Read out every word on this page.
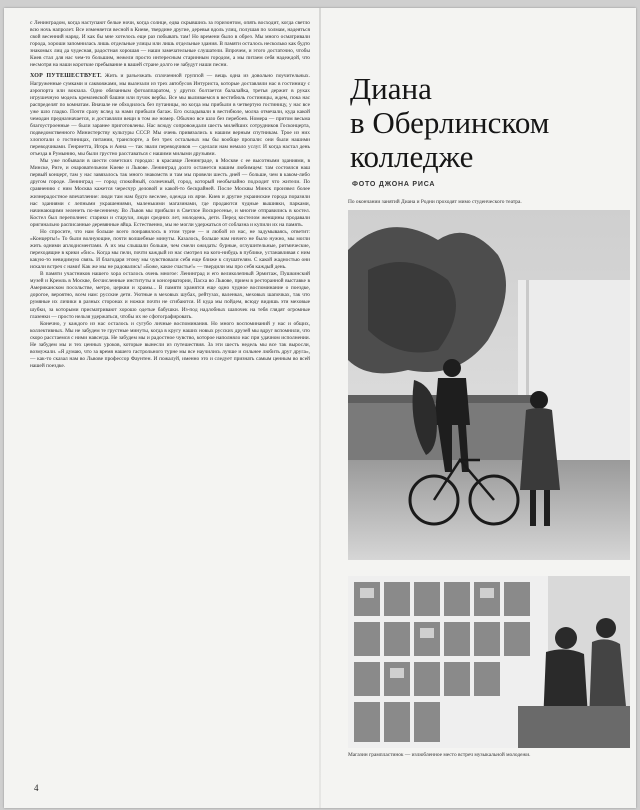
с Ленинградом, когда наступают белые ночи, когда солнце, едва скрывшись за горизонтом, опять восходит, когда светло всю ночь напролет. Все изменяется весной в Киеве, твердине другие, деревья вдоль улиц, полушая по холмам, надеяться свой весенний наряд. И как бы мне хотелось еще раз побывать там! Но времени было в обрез. Мы много осматривали города, хороши запомнилась лишь отдельные улицы или лишь отдельные здания. В памяти осталось несколько как будто знакомых лиц да чудесная, радостная хорошая — наши замечательные слушатели. Впрочем, и этого достаточно, чтобы Киев стал для нас чем-то большим, нежели просто интересным старинным городом, а мы питаем себя надеждой, что несмотря на наши короткие пребывание в вашей стране долго не забудут наши песни.

ХОР ПУТЕШЕСТВУЕТ. Жить и разъезжать сплоченной группой — вещь одна из довольно поучительных. Нагруженные сумками и саквояжами, мы вылезали из трех автобусов Интуриста, которые доставляли нас в гостиницу с аэропорта или вокзала. Одно обязанным фотоаппаратом, у других болтается балалайка, третья держит в руках игрушечную модель кремлевской башни или пучок вербы. Все мы выливаемся в вестибюль гостиницы, ждем, пока нас распределят по комнатам. Вначале не обходилось без путаницы, но когда мы прибыли в четвертую гостиницу, у нас все уже шло гладко. Почти сразу вслед за нами прибыли багаж. Его складывали в вестибюле, молча отмечали, куда какой чемодан предназначается, и доставляли вещи в том же номер. Обычно все шло без перебоев. Номера — притом весьма благоустроенные — были заранее приготовлены. Нас всюду сопровождали шесть милейших сотрудников Госконцерта, подведомственного Министерству культуры СССР. Мы очень привязались к нашим верным спутникам. Трое из них хлопотали о гостиницах, питании, транспорте, а без трех остальных мы бы вообще пропали: они были нашими переводчиками. Генриетта, Игорь и Анна — так звали переводчиков — сделали нам немало услуг. И когда настал день отъезда в Румынию, мы были грустно расставаться с нашими милыми друзьями.

Мы уже побывали в шести советских городах: в красавце Ленинграде, в Москве с ее высотными зданиями, в Минске, Риге, и очаровательном Киеве и Львове. Ленинград долго останется нашим любимцем: там состоялся наш первый концерт, там у нас завязалось так много знакомств и там мы провели шесть дней — больше, чем в каком-либо другом городе. Ленинград — город спокойный, солнечный, город, который необычайно подходит что жители. По сравнению с ним Москва кажется чересчур деловой и какой-то бескрайней. После Москвы Минск произвел более жизнерадостное впечатление: люди там нам будто веселее, одежда их ярче. Киев и другие украинские города поразили нас зданиями с лепными украшениями, маленькими магазинами, где продаются чудные вышивки, парками, начинающими зеленеть по-весеннему. Во Львов мы прибыли в Светлое Воскресенье, и многие отправились в костел. Костел был переполнен: старики и старухи, люди средних лет, молодежь, дети. Перед костелом женщины продавали оригинально расписанные деревянные яйца. Естественно, мы не могли удержаться от соблазна и купили их на память.

Но спросите, что нам больше всего понравилось в этом турне — и любой из нас, не задумываясь, ответит: «Концерты!» То были волнующие, почти волшебные минуты. Казалось, больше нам ничего не было нужно, мы могли жить одними аплодисментами. А их мы слышали больше, чем смели ожидать: бурные, оглушительные, ритмические, переходящие в крики «бис». Когда мы пели, почти каждый из нас смотрел на кого-нибудь в публике, устанавливая с ним какую-то невидимую связь. И благодаря этому мы чувствовали себя еще ближе к слушателям. С какой жадностью они искали встреч с нами! Как же мы не радовались! «Боже, какое счастье!» — твердили мы про себя каждый день.

В памяти участников нашего хора осталось очень многое: Ленинград и его великолепный Эрмитаж, Пушкинский музей и Кремль в Москве, бесчисленные институты и консерватории, Пасха во Львове, прием в ресторанной выставке в Американском посольстве, метро, церкви и храмы... В памяти хранятся еще одно чудное воспоминание о поездке, дорогое, вероятно, всем нам: русские дети. Уютные в меховых шубах, рейтузах, валенках, меховых шапочках, так что румяные их личики в разных сторонах и ножки почти не сгибаются. И куда мы пойдем, всюду видишь эти меховые шубки, за которыми присматривают хорошо одетые бабушки. Из-под надлобных шапочек на тебя глядят огромные глазенки — просто нельзя удержаться, чтобы их не сфотографировать.

Конечно, у каждого из нас осталось и сугубо личные воспоминания. Но много воспоминаний у нас и общих, коллективных. Мы не забудем те грустные минуты, когда в кругу наших новых русских друзей мы вдруг вспомнили, что скоро расстаемся с ними навсегда. Не забудем мы и радостное чувство, которое наполняло нас при удачном исполнении. Не забудем мы и тех ценных уроков, которые вынесли из путешествия. За эти шесть недель мы все так выросли, возмужали. «Я думаю, что за время нашего гастрольного турне мы все научились лучше и сильнее любить друг друга», — как-то сказал нам во Львове профессор Фаунтен. И пожалуй, именно это и следует признать самым ценным во всей нашей поездке.

4
Диана
в Оберлинском
колледже
ФОТО ДЖОНА РИСА
По окончании занятий Диана и Родни проходят мимо студенческого театра.
Магазин грампластинок — излюбленное место встреч музыкальной молодежи.
